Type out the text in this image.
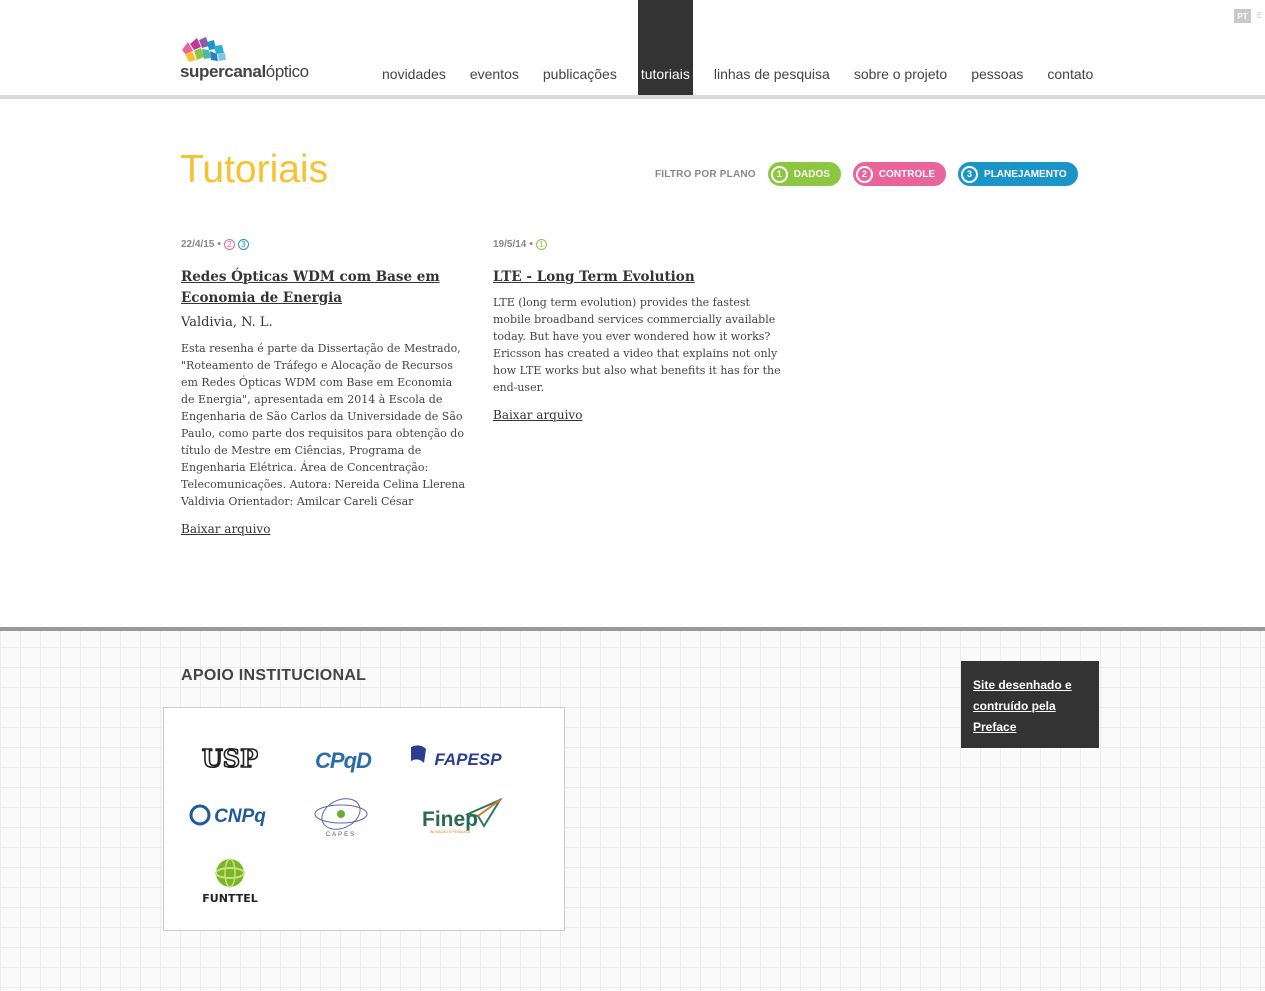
PT	E
supercanalóptico	novidades	eventos	publicações	tutoriais	linhas de pesquisa	sobre o projeto	pessoas	contato
Tutoriais	FILTRO POR PLANO	1	DADOS	2	CONTROLE	3	PLANEJAMENTO
22/4/15 • 2	3
Redes Ópticas WDM com Base em Economia de Energia
Valdivia, N. L.

Esta resenha é parte da Dissertação de Mestrado, "Roteamento de Tráfego e Alocação de Recursos em Redes Ópticas WDM com Base em Economia de Energia", apresentada em 2014 à Escola de Engenharia de São Carlos da Universidade de São Paulo, como parte dos requisitos para obtenção do título de Mestre em Ciências, Programa de Engenharia Elétrica. Área de Concentração: Telecomunicações. Autora: Nereida Celina Llerena Valdivia Orientador: Amilcar Careli César

Baixar arquivo
19/5/14 • 1
LTE - Long Term Evolution

LTE (long term evolution) provides the fastest mobile broadband services commercially available today. But have you ever wondered how it works? Ericsson has created a video that explains not only how LTE works but also what benefits it has for the end-user.

Baixar arquivo
APOIO INSTITUCIONAL
USP	CPqD	FAPESP
CNPq
CAPES
Finep
INOVAÇÃO E PESQUISA
FUNTTEL
Site desenhado e contruído pela Preface
